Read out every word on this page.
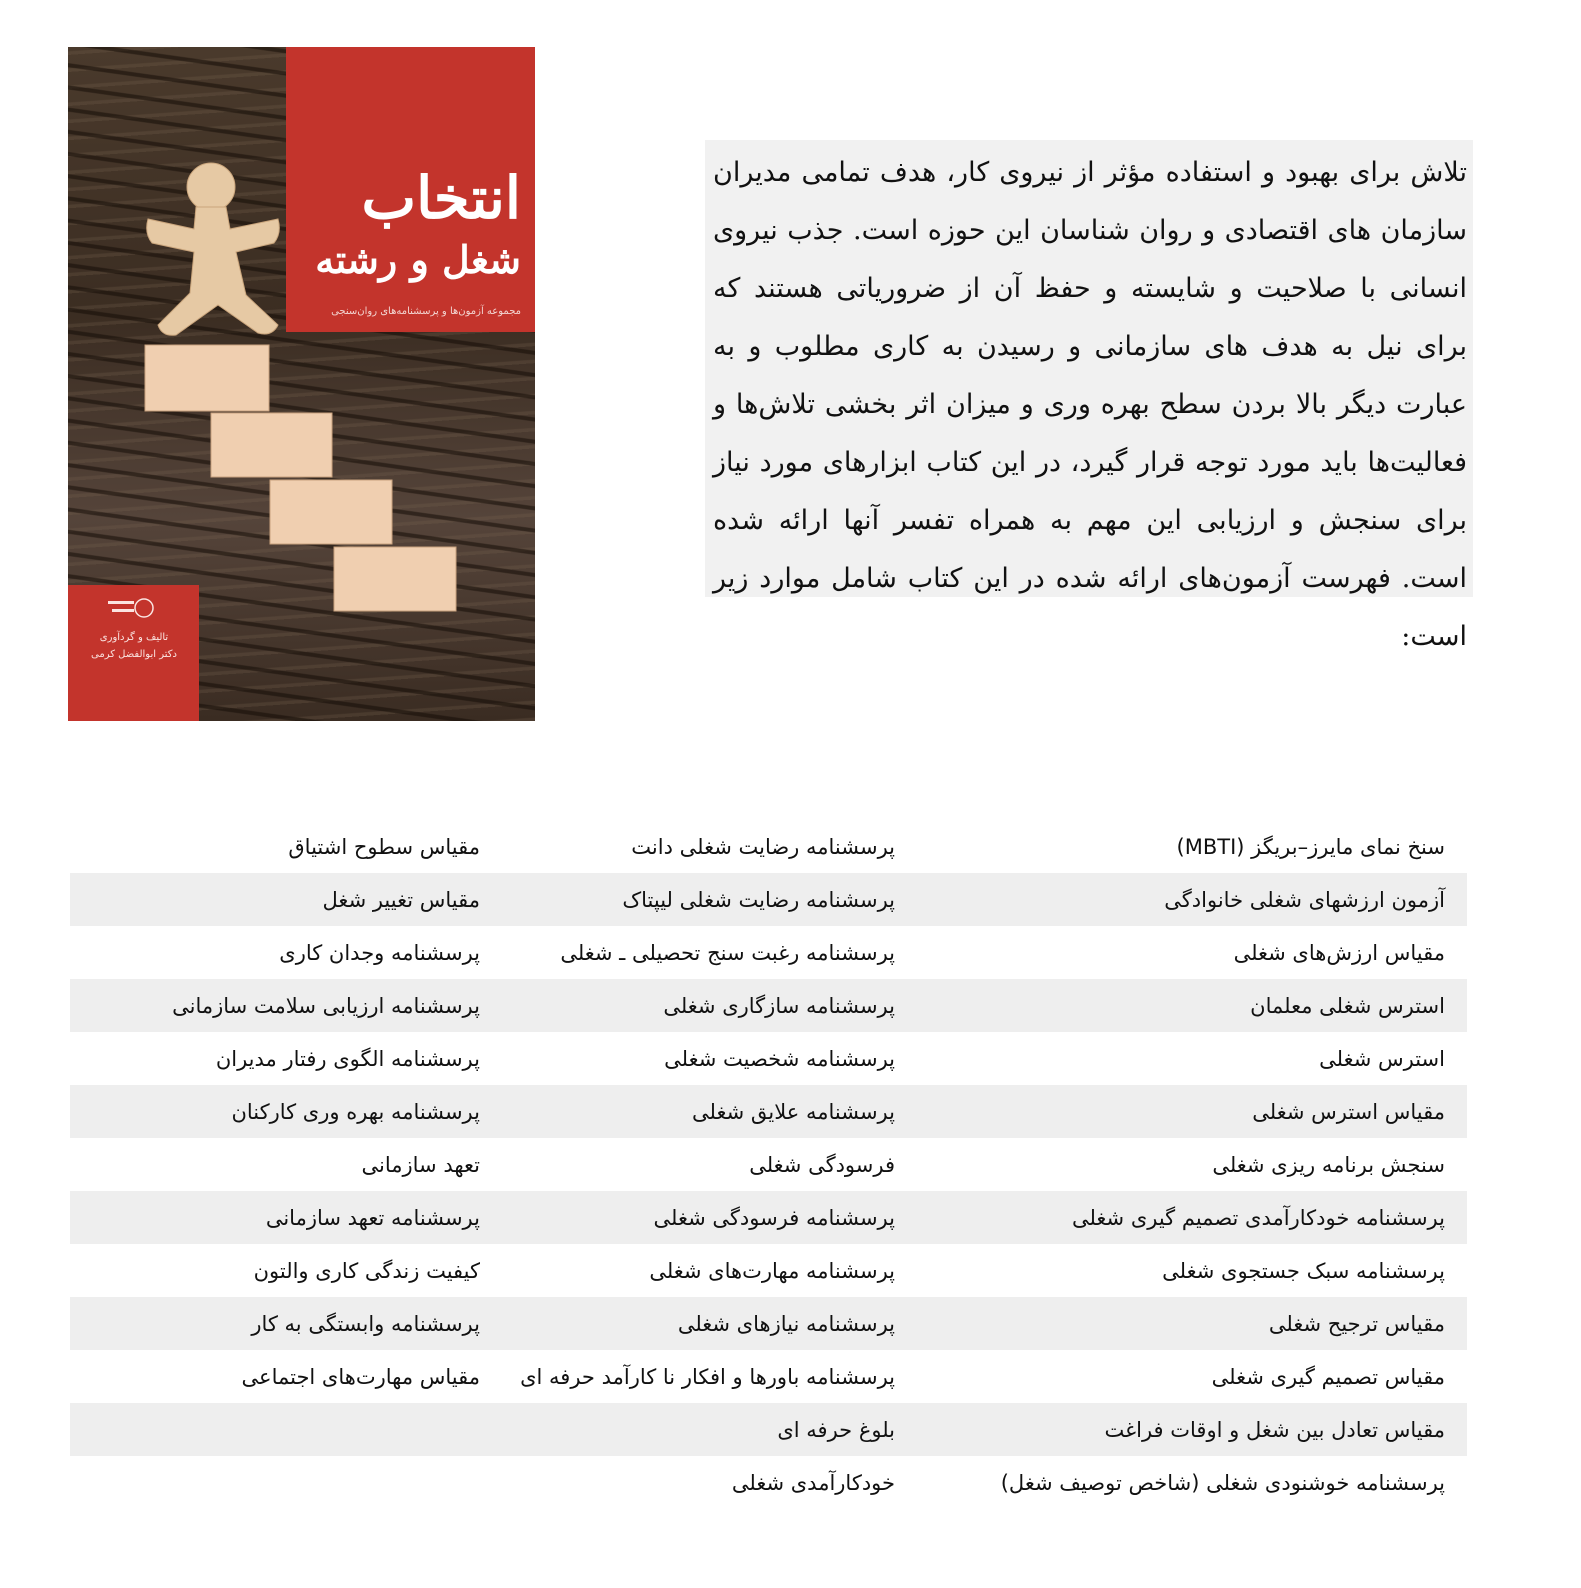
انتخاب
شغل و رشته
مجموعه آزمون‌ها و پرسشنامه‌های روان‌سنجی
تالیف و گردآوری
دکتر ابوالفضل کرمی

تلاش برای بهبود و استفاده مؤثر از نیروی کار، هدف تمامی مدیران سازمان های اقتصادی و روان شناسان این حوزه است. جذب نیروی انسانی با صلاحیت و شایسته و حفظ آن از ضروریاتی هستند که برای نیل به هدف های سازمانی و رسیدن به کاری مطلوب و به عبارت دیگر بالا بردن سطح بهره وری و میزان اثر بخشی تلاش‌ها و فعالیت‌ها باید مورد توجه قرار گیرد، در این کتاب ابزارهای مورد نیاز برای سنجش و ارزیابی این مهم به همراه تفسر آنها ارائه شده است. فهرست آزمون‌های ارائه شده در این کتاب شامل موارد زیر است:

سنخ نمای مایرز–بریگز (MBTI)	پرسشنامه رضایت شغلی دانت	مقیاس سطوح اشتیاق
آزمون ارزشهای شغلی خانوادگی	پرسشنامه رضایت شغلی لیپتاک	مقیاس تغییر شغل
مقیاس ارزش‌های شغلی	پرسشنامه رغبت سنج تحصیلی ـ شغلی	پرسشنامه وجدان کاری
استرس شغلی معلمان	پرسشنامه سازگاری شغلی	پرسشنامه ارزیابی سلامت سازمانی
استرس شغلی	پرسشنامه شخصیت شغلی	پرسشنامه الگوی رفتار مدیران
مقیاس استرس شغلی	پرسشنامه علایق شغلی	پرسشنامه بهره وری کارکنان
سنجش برنامه ریزی شغلی	فرسودگی شغلی	تعهد سازمانی
پرسشنامه خودکارآمدی تصمیم گیری شغلی	پرسشنامه فرسودگی شغلی	پرسشنامه تعهد سازمانی
پرسشنامه سبک جستجوی شغلی	پرسشنامه مهارت‌های شغلی	کیفیت زندگی کاری والتون
مقیاس ترجیح شغلی	پرسشنامه نیازهای شغلی	پرسشنامه وابستگی به کار
مقیاس تصمیم گیری شغلی	پرسشنامه باورها و افکار نا کارآمد حرفه ای	مقیاس مهارت‌های اجتماعی
مقیاس تعادل بین شغل و اوقات فراغت	بلوغ حرفه ای	
پرسشنامه خوشنودی شغلی (شاخص توصیف شغل)	خودکارآمدی شغلی	
